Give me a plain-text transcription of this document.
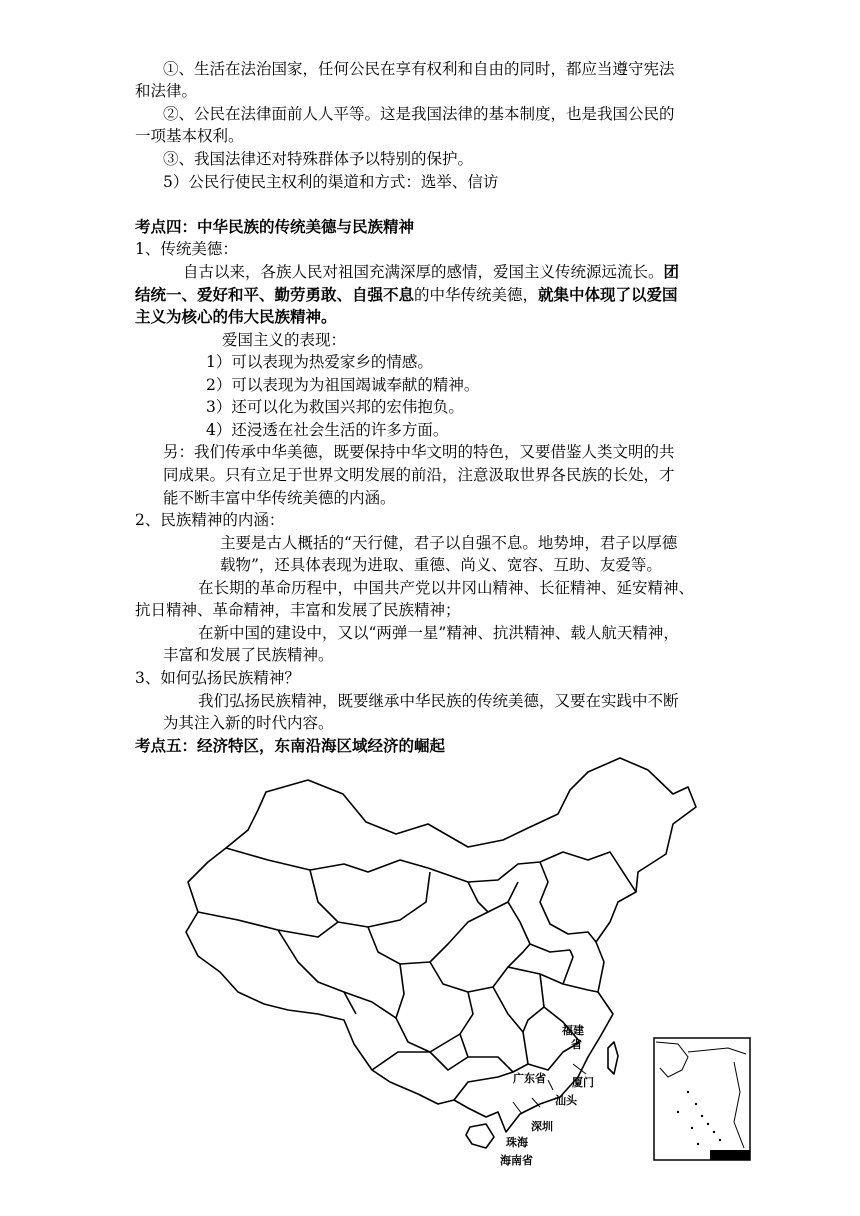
①、生活在法治国家，任何公民在享有权利和自由的同时，都应当遵守宪法
和法律。
②、公民在法律面前人人平等。这是我国法律的基本制度，也是我国公民的
一项基本权利。
③、我国法律还对特殊群体予以特别的保护。
5）公民行使民主权利的渠道和方式：选举、信访
考点四：中华民族的传统美德与民族精神
1、传统美德：
自古以来，各族人民对祖国充满深厚的感情，爱国主义传统源远流长。团
结统一、爱好和平、勤劳勇敢、自强不息的中华传统美德，就集中体现了以爱国
主义为核心的伟大民族精神。
爱国主义的表现：
1）可以表现为热爱家乡的情感。
2）可以表现为为祖国竭诚奉献的精神。
3）还可以化为救国兴邦的宏伟抱负。
4）还浸透在社会生活的许多方面。
另：我们传承中华美德，既要保持中华文明的特色，又要借鉴人类文明的共
同成果。只有立足于世界文明发展的前沿，注意汲取世界各民族的长处，才
能不断丰富中华传统美德的内涵。
2、民族精神的内涵：
主要是古人概括的“天行健，君子以自强不息。地势坤，君子以厚德
载物”，还具体表现为进取、重德、尚义、宽容、互助、友爱等。
在长期的革命历程中，中国共产党以井冈山精神、长征精神、延安精神、
抗日精神、革命精神，丰富和发展了民族精神；
在新中国的建设中，又以“两弹一星”精神、抗洪精神、载人航天精神，
丰富和发展了民族精神。
3、如何弘扬民族精神？
我们弘扬民族精神，既要继承中华民族的传统美德，又要在实践中不断
为其注入新的时代内容。
考点五：经济特区，东南沿海区域经济的崛起
福建
省
厦门
广东省
汕头
深圳
珠海
海南省
